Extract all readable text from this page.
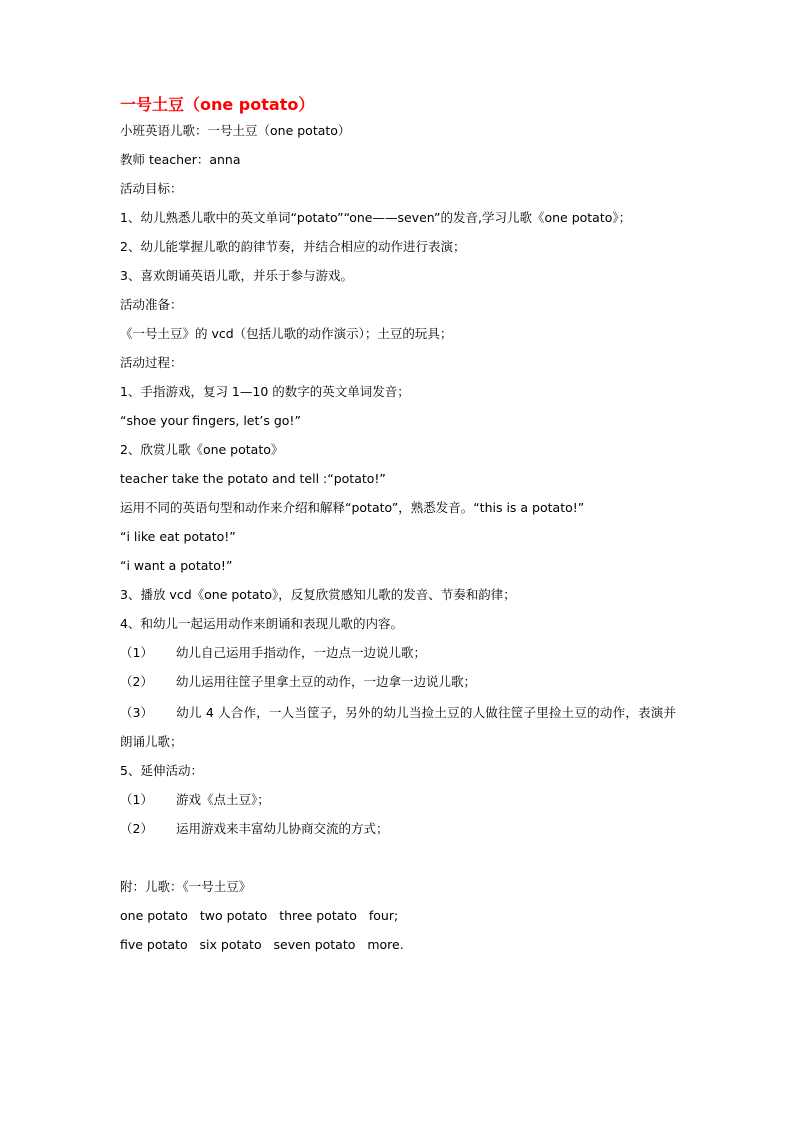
一号土豆（one potato）
小班英语儿歌：一号土豆（one potato）
教师 teacher：anna
活动目标：
1、幼儿熟悉儿歌中的英文单词“potato”“one——seven”的发音,学习儿歌《one potato》；
2、幼儿能掌握儿歌的韵律节奏，并结合相应的动作进行表演；
3、喜欢朗诵英语儿歌，并乐于参与游戏。
活动准备：
《一号土豆》的 vcd（包括儿歌的动作演示）；土豆的玩具；
活动过程：
1、手指游戏，复习 1—10 的数字的英文单词发音；
“shoe your fingers, let’s go!”
2、欣赏儿歌《one potato》
teacher take the potato and tell :“potato!”
运用不同的英语句型和动作来介绍和解释“potato”，熟悉发音。“this is a potato!”
“i like eat potato!”
“i want a potato!”
3、播放 vcd《one potato》，反复欣赏感知儿歌的发音、节奏和韵律；
4、和幼儿一起运用动作来朗诵和表现儿歌的内容。
（1） 幼儿自己运用手指动作，一边点一边说儿歌；
（2） 幼儿运用往筐子里拿土豆的动作，一边拿一边说儿歌；
（3） 幼儿 4 人合作，一人当筐子，另外的幼儿当捡土豆的人做往筐子里捡土豆的动作，表演并朗诵儿歌；
5、延伸活动：
（1） 游戏《点土豆》；
（2） 运用游戏来丰富幼儿协商交流的方式；
附：儿歌：《一号土豆》
one potato   two potato   three potato   four;
five potato   six potato   seven potato   more.
